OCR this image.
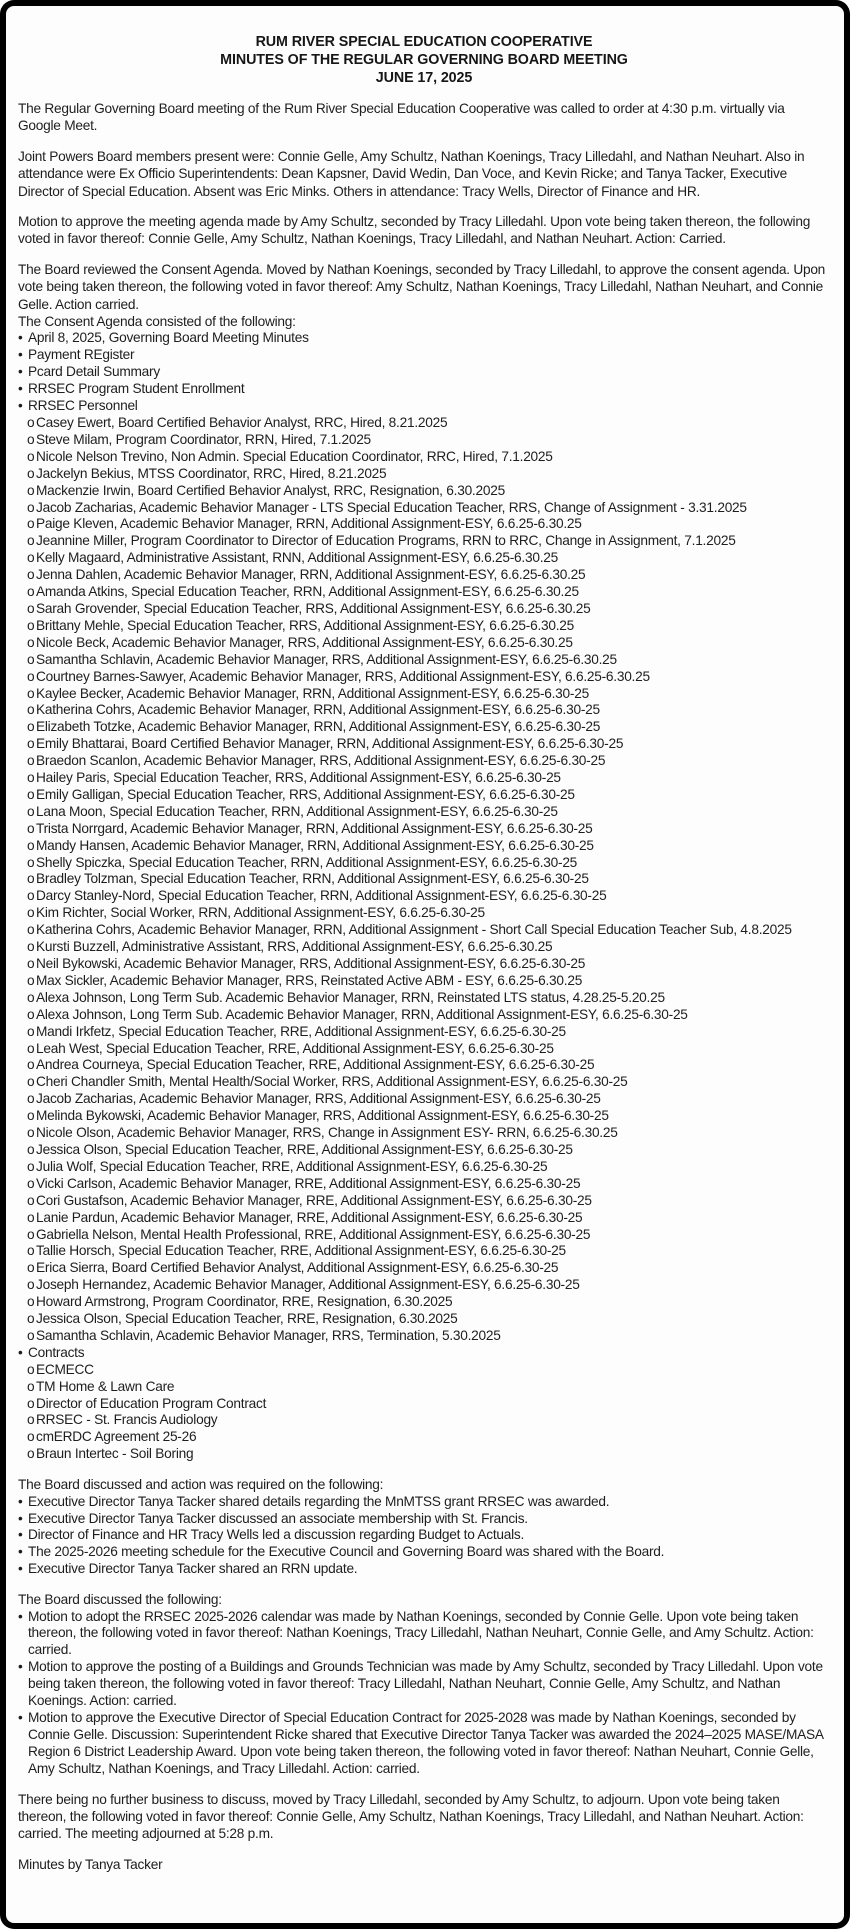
RUM RIVER SPECIAL EDUCATION COOPERATIVE
MINUTES OF THE REGULAR GOVERNING BOARD MEETING
JUNE 17, 2025
The Regular Governing Board meeting of the Rum River Special Education Cooperative was called to order at 4:30 p.m. virtually via Google Meet.
Joint Powers Board members present were: Connie Gelle, Amy Schultz, Nathan Koenings, Tracy Lilledahl, and Nathan Neuhart. Also in attendance were Ex Officio Superintendents: Dean Kapsner, David Wedin, Dan Voce, and Kevin Ricke; and Tanya Tacker, Executive Director of Special Education. Absent was Eric Minks. Others in attendance: Tracy Wells, Director of Finance and HR.
Motion to approve the meeting agenda made by Amy Schultz, seconded by Tracy Lilledahl. Upon vote being taken thereon, the following voted in favor thereof: Connie Gelle, Amy Schultz, Nathan Koenings, Tracy Lilledahl, and Nathan Neuhart. Action: Carried.
The Board reviewed the Consent Agenda. Moved by Nathan Koenings, seconded by Tracy Lilledahl, to approve the consent agenda. Upon vote being taken thereon, the following voted in favor thereof: Amy Schultz, Nathan Koenings, Tracy Lilledahl, Nathan Neuhart, and Connie Gelle. Action carried.
The Consent Agenda consisted of the following:
• April 8, 2025, Governing Board Meeting Minutes
• Payment REgister
• Pcard Detail Summary
• RRSEC Program Student Enrollment
• RRSEC Personnel
o Casey Ewert, Board Certified Behavior Analyst, RRC, Hired, 8.21.2025
o Steve Milam, Program Coordinator, RRN, Hired, 7.1.2025
o Nicole Nelson Trevino, Non Admin. Special Education Coordinator, RRC, Hired, 7.1.2025
o Jackelyn Bekius, MTSS Coordinator, RRC, Hired, 8.21.2025
o Mackenzie Irwin, Board Certified Behavior Analyst, RRC, Resignation, 6.30.2025
o Jacob Zacharias, Academic Behavior Manager - LTS Special Education Teacher, RRS, Change of Assignment - 3.31.2025
o Paige Kleven, Academic Behavior Manager, RRN, Additional Assignment-ESY, 6.6.25-6.30.25
o Jeannine Miller, Program Coordinator to Director of Education Programs, RRN to RRC, Change in Assignment, 7.1.2025
o Kelly Magaard, Administrative Assistant, RNN, Additional Assignment-ESY, 6.6.25-6.30.25
o Jenna Dahlen, Academic Behavior Manager, RRN, Additional Assignment-ESY, 6.6.25-6.30.25
o Amanda Atkins, Special Education Teacher, RRN, Additional Assignment-ESY, 6.6.25-6.30.25
o Sarah Grovender, Special Education Teacher, RRS, Additional Assignment-ESY, 6.6.25-6.30.25
o Brittany Mehle, Special Education Teacher, RRS, Additional Assignment-ESY, 6.6.25-6.30.25
o Nicole Beck, Academic Behavior Manager, RRS, Additional Assignment-ESY, 6.6.25-6.30.25
o Samantha Schlavin, Academic Behavior Manager, RRS, Additional Assignment-ESY, 6.6.25-6.30.25
o Courtney Barnes-Sawyer, Academic Behavior Manager, RRS, Additional Assignment-ESY, 6.6.25-6.30.25
o Kaylee Becker, Academic Behavior Manager, RRN, Additional Assignment-ESY, 6.6.25-6.30-25
o Katherina Cohrs, Academic Behavior Manager, RRN, Additional Assignment-ESY, 6.6.25-6.30-25
o Elizabeth Totzke, Academic Behavior Manager, RRN, Additional Assignment-ESY, 6.6.25-6.30-25
o Emily Bhattarai, Board Certified Behavior Manager, RRN, Additional Assignment-ESY, 6.6.25-6.30-25
o Braedon Scanlon, Academic Behavior Manager, RRS, Additional Assignment-ESY, 6.6.25-6.30-25
o Hailey Paris, Special Education Teacher, RRS, Additional Assignment-ESY, 6.6.25-6.30-25
o Emily Galligan, Special Education Teacher, RRS, Additional Assignment-ESY, 6.6.25-6.30-25
o Lana Moon, Special Education Teacher, RRN, Additional Assignment-ESY, 6.6.25-6.30-25
o Trista Norrgard, Academic Behavior Manager, RRN, Additional Assignment-ESY, 6.6.25-6.30-25
o Mandy Hansen, Academic Behavior Manager, RRN, Additional Assignment-ESY, 6.6.25-6.30-25
o Shelly Spiczka, Special Education Teacher, RRN, Additional Assignment-ESY, 6.6.25-6.30-25
o Bradley Tolzman, Special Education Teacher, RRN, Additional Assignment-ESY, 6.6.25-6.30-25
o Darcy Stanley-Nord, Special Education Teacher, RRN, Additional Assignment-ESY, 6.6.25-6.30-25
o Kim Richter, Social Worker, RRN, Additional Assignment-ESY, 6.6.25-6.30-25
o Katherina Cohrs, Academic Behavior Manager, RRN, Additional Assignment - Short Call Special Education Teacher Sub, 4.8.2025
o Kursti Buzzell, Administrative Assistant, RRS, Additional Assignment-ESY, 6.6.25-6.30.25
o Neil Bykowski, Academic Behavior Manager, RRS, Additional Assignment-ESY, 6.6.25-6.30-25
o Max Sickler, Academic Behavior Manager, RRS, Reinstated Active ABM - ESY, 6.6.25-6.30.25
o Alexa Johnson, Long Term Sub. Academic Behavior Manager, RRN, Reinstated LTS status, 4.28.25-5.20.25
o Alexa Johnson, Long Term Sub. Academic Behavior Manager, RRN, Additional Assignment-ESY, 6.6.25-6.30-25
o Mandi Irkfetz, Special Education Teacher, RRE, Additional Assignment-ESY, 6.6.25-6.30-25
o Leah West, Special Education Teacher, RRE, Additional Assignment-ESY, 6.6.25-6.30-25
o Andrea Courneya, Special Education Teacher, RRE, Additional Assignment-ESY, 6.6.25-6.30-25
o Cheri Chandler Smith, Mental Health/Social Worker, RRS, Additional Assignment-ESY, 6.6.25-6.30-25
o Jacob Zacharias, Academic Behavior Manager, RRS, Additional Assignment-ESY, 6.6.25-6.30-25
o Melinda Bykowski, Academic Behavior Manager, RRS, Additional Assignment-ESY, 6.6.25-6.30-25
o Nicole Olson, Academic Behavior Manager, RRS, Change in Assignment ESY- RRN, 6.6.25-6.30.25
o Jessica Olson, Special Education Teacher, RRE, Additional Assignment-ESY, 6.6.25-6.30-25
o Julia Wolf, Special Education Teacher, RRE, Additional Assignment-ESY, 6.6.25-6.30-25
o Vicki Carlson, Academic Behavior Manager, RRE, Additional Assignment-ESY, 6.6.25-6.30-25
o Cori Gustafson, Academic Behavior Manager, RRE, Additional Assignment-ESY, 6.6.25-6.30-25
o Lanie Pardun, Academic Behavior Manager, RRE, Additional Assignment-ESY, 6.6.25-6.30-25
o Gabriella Nelson, Mental Health Professional, RRE, Additional Assignment-ESY, 6.6.25-6.30-25
o Tallie Horsch, Special Education Teacher, RRE, Additional Assignment-ESY, 6.6.25-6.30-25
o Erica Sierra, Board Certified Behavior Analyst, Additional Assignment-ESY, 6.6.25-6.30-25
o Joseph Hernandez, Academic Behavior Manager, Additional Assignment-ESY, 6.6.25-6.30-25
o Howard Armstrong, Program Coordinator, RRE, Resignation, 6.30.2025
o Jessica Olson, Special Education Teacher, RRE, Resignation, 6.30.2025
o Samantha Schlavin, Academic Behavior Manager, RRS, Termination, 5.30.2025
• Contracts
o ECMECC
o TM Home & Lawn Care
o Director of Education Program Contract
o RRSEC - St. Francis Audiology
o cmERDC Agreement 25-26
o Braun Intertec - Soil Boring
The Board discussed and action was required on the following:
• Executive Director Tanya Tacker shared details regarding the MnMTSS grant RRSEC was awarded.
• Executive Director Tanya Tacker discussed an associate membership with St. Francis.
• Director of Finance and HR Tracy Wells led a discussion regarding Budget to Actuals.
• The 2025-2026 meeting schedule for the Executive Council and Governing Board was shared with the Board.
• Executive Director Tanya Tacker shared an RRN update.
The Board discussed the following:
• Motion to adopt the RRSEC 2025-2026 calendar was made by Nathan Koenings, seconded by Connie Gelle. Upon vote being taken thereon, the following voted in favor thereof: Nathan Koenings, Tracy Lilledahl, Nathan Neuhart, Connie Gelle, and Amy Schultz. Action: carried.
• Motion to approve the posting of a Buildings and Grounds Technician was made by Amy Schultz, seconded by Tracy Lilledahl. Upon vote being taken thereon, the following voted in favor thereof: Tracy Lilledahl, Nathan Neuhart, Connie Gelle, Amy Schultz, and Nathan Koenings. Action: carried.
• Motion to approve the Executive Director of Special Education Contract for 2025-2028 was made by Nathan Koenings, seconded by Connie Gelle. Discussion: Superintendent Ricke shared that Executive Director Tanya Tacker was awarded the 2024–2025 MASE/MASA Region 6 District Leadership Award. Upon vote being taken thereon, the following voted in favor thereof: Nathan Neuhart, Connie Gelle, Amy Schultz, Nathan Koenings, and Tracy Lilledahl. Action: carried.
There being no further business to discuss, moved by Tracy Lilledahl, seconded by Amy Schultz, to adjourn. Upon vote being taken thereon, the following voted in favor thereof: Connie Gelle, Amy Schultz, Nathan Koenings, Tracy Lilledahl, and Nathan Neuhart. Action: carried. The meeting adjourned at 5:28 p.m.
Minutes by Tanya Tacker
